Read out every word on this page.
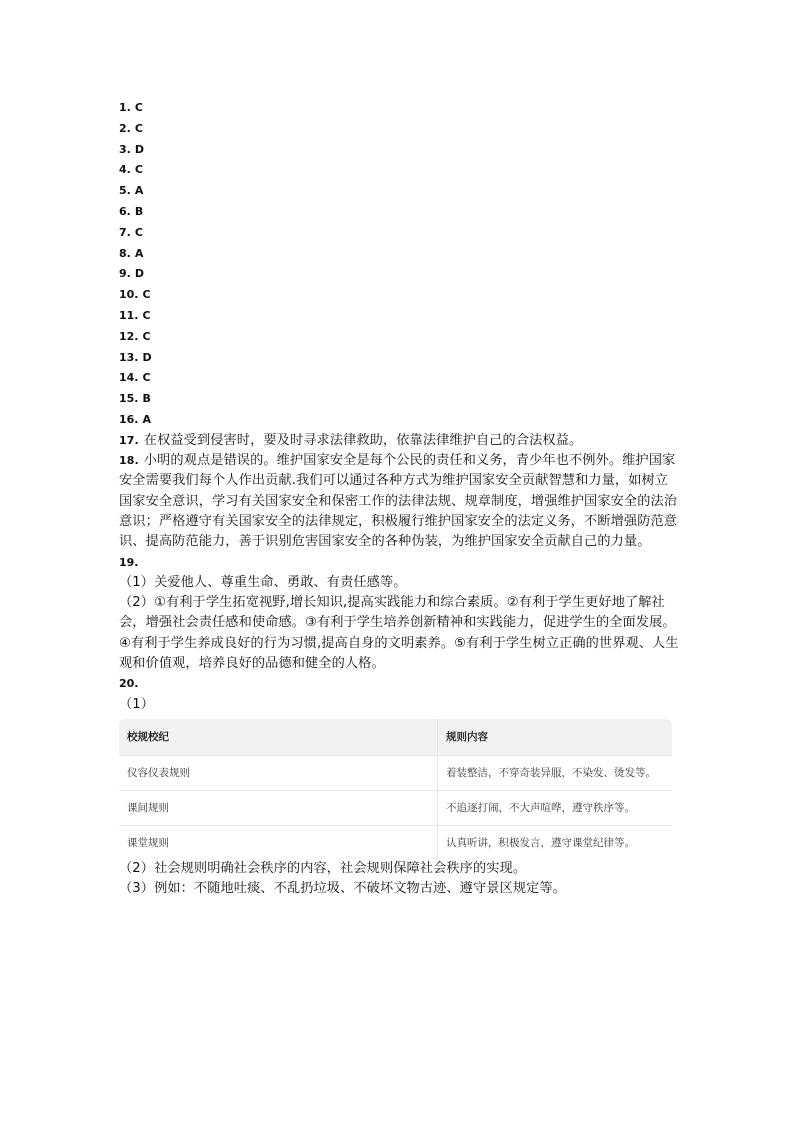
1. C
2. C
3. D
4. C
5. A
6. B
7. C
8. A
9. D
10. C
11. C
12. C
13. D
14. C
15. B
16. A

17. 在权益受到侵害时，要及时寻求法律救助，依靠法律维护自己的合法权益。

18. 小明的观点是错误的。维护国家安全是每个公民的责任和义务，青少年也不例外。维护国家安全需要我们每个人作出贡献.我们可以通过各种方式为维护国家安全贡献智慧和力量，如树立国家安全意识，学习有关国家安全和保密工作的法律法规、规章制度，增强维护国家安全的法治意识；严格遵守有关国家安全的法律规定，积极履行维护国家安全的法定义务，不断增强防范意识、提高防范能力，善于识别危害国家安全的各种伪装，为维护国家安全贡献自己的力量。

19.

（1）关爱他人、尊重生命、勇敢、有责任感等。

（2）①有利于学生拓宽视野,增长知识,提高实践能力和综合素质。②有利于学生更好地了解社会，增强社会责任感和使命感。③有利于学生培养创新精神和实践能力，促进学生的全面发展。④有利于学生养成良好的行为习惯,提高自身的文明素养。⑤有利于学生树立正确的世界观、人生观和价值观，培养良好的品德和健全的人格。

20.

（1）

校规校纪	规则内容
仪容仪表规则	着装整洁，不穿奇装异服，不染发、烫发等。
课间规则	不追逐打闹，不大声喧哗，遵守秩序等。
课堂规则	认真听讲，积极发言，遵守课堂纪律等。

（2）社会规则明确社会秩序的内容，社会规则保障社会秩序的实现。

（3）例如：不随地吐痰、不乱扔垃圾、不破坏文物古迹、遵守景区规定等。
